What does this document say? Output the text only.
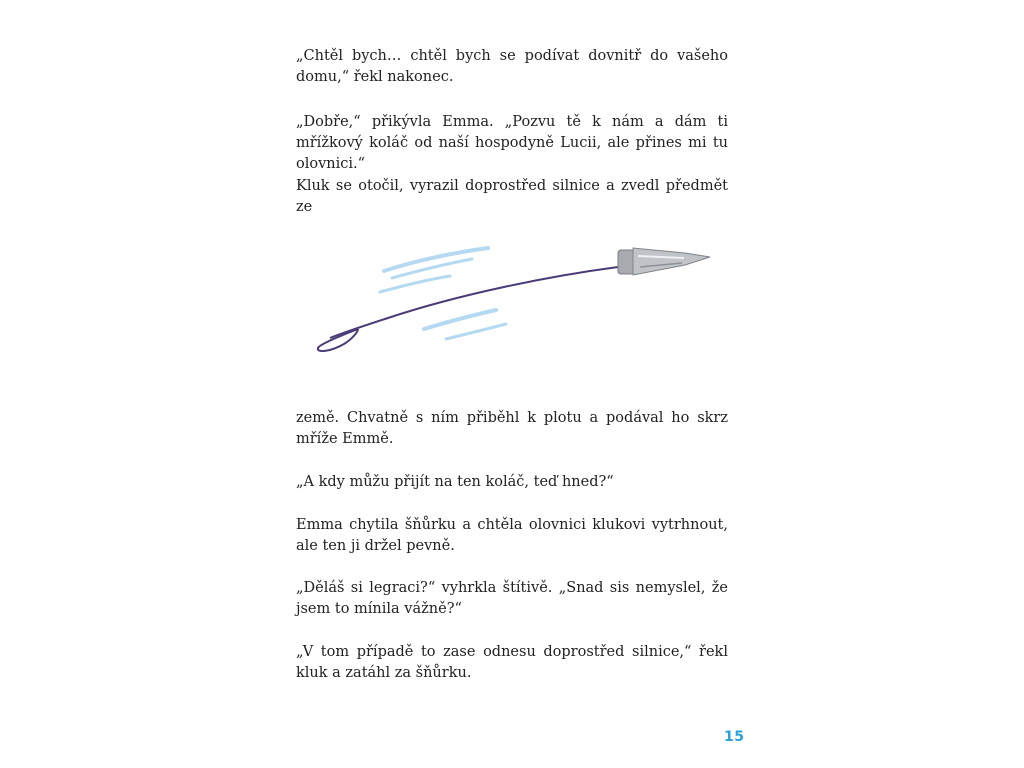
„Chtěl bych… chtěl bych se podívat dovnitř do vašeho domu,“ řekl nakonec.

„Dobře,“ přikývla Emma. „Pozvu tě k nám a dám ti mřížkový koláč od naší hospodyně Lucii, ale přines mi tu olovnici.“

Kluk se otočil, vyrazil doprostřed silnice a zvedl předmět ze

země. Chvatně s ním přiběhl k plotu a podával ho skrz mříže Emmě.

„A kdy můžu přijít na ten koláč, teď hned?“

Emma chytila šňůrku a chtěla olovnici klukovi vytrhnout, ale ten ji držel pevně.

„Děláš si legraci?“ vyhrkla štítivě. „Snad sis nemyslel, že jsem to mínila vážně?“

„V tom případě to zase odnesu doprostřed silnice,“ řekl kluk a zatáhl za šňůrku.

15
